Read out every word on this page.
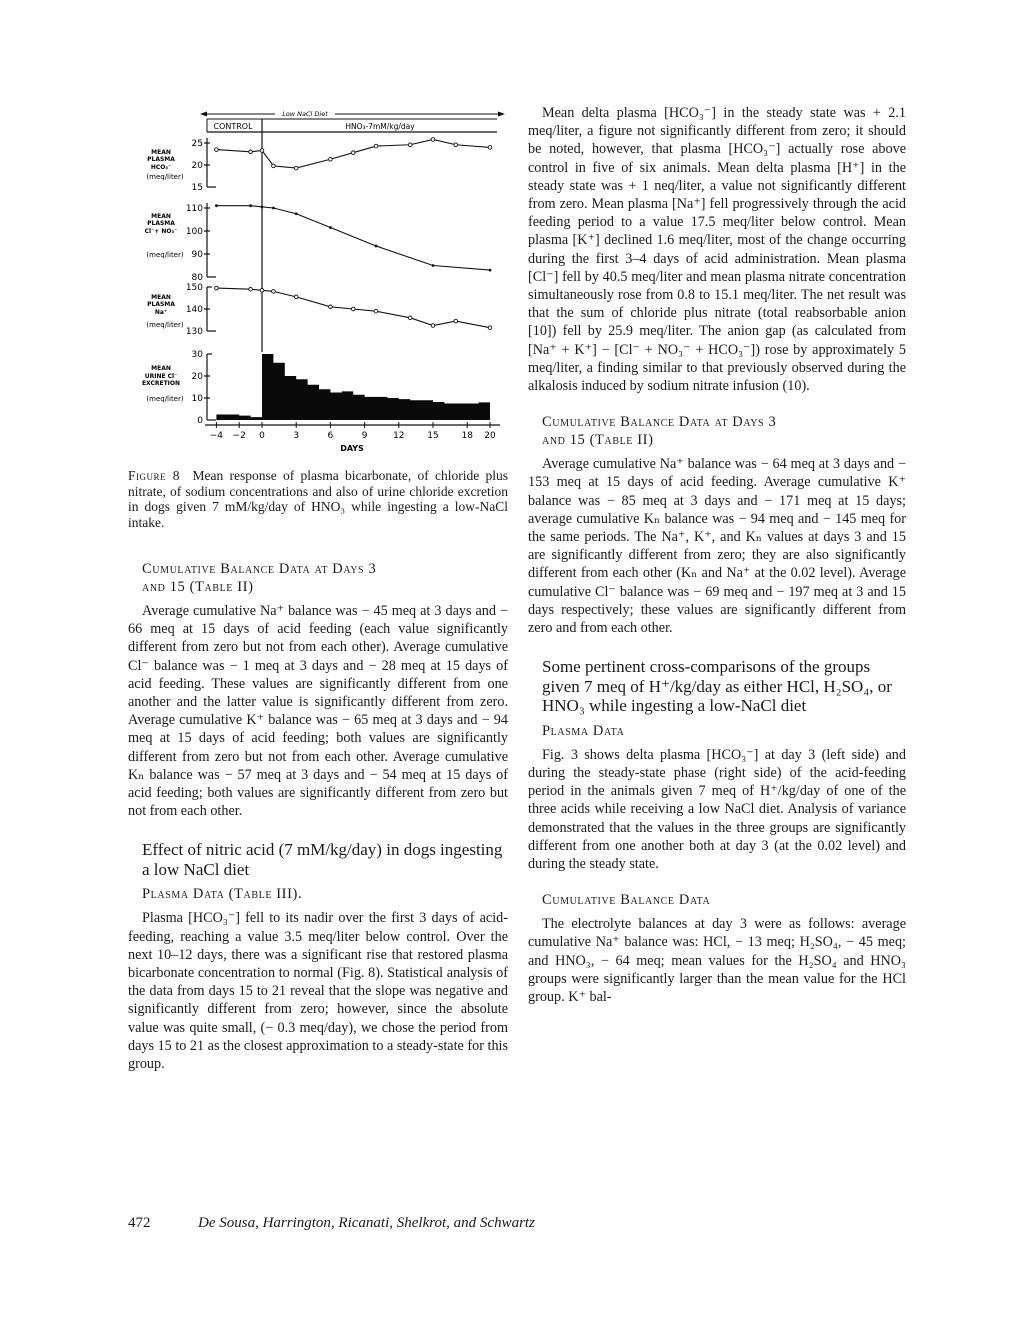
Low NaCl Diet
CONTROL	HNO₃-7mM/kg/day
25
20
15
110
100
90
80
150
140
130
30
20
10
0
MEAN
PLASMA
HCO₃⁻
(meq/liter)
MEAN
PLASMA
Cl⁻+ NO₃⁻
(meq/liter)
MEAN
PLASMA
Na⁺
(meq/liter)
MEAN
URINE Cl⁻
EXCRETION
(meq/liter)
−4 −2 0	3	6	9	12	15	18 20
DAYS

Figure 8 Mean response of plasma bicarbonate, of chloride plus nitrate, of sodium concentrations and also of urine chloride excretion in dogs given 7 mM/kg/day of HNO₃ while ingesting a low-NaCl intake.

Cumulative Balance Data at Days 3
and 15 (Table II)

Average cumulative Na⁺ balance was − 45 meq at 3 days and − 66 meq at 15 days of acid feeding (each value significantly different from zero but not from each other). Average cumulative Cl⁻ balance was − 1 meq at 3 days and − 28 meq at 15 days of acid feeding. These values are significantly different from one another and the latter value is significantly different from zero. Average cumulative K⁺ balance was − 65 meq at 3 days and − 94 meq at 15 days of acid feeding; both values are significantly different from zero but not from each other. Average cumulative Kₙ balance was − 57 meq at 3 days and − 54 meq at 15 days of acid feeding; both values are significantly different from zero but not from each other.

Effect of nitric acid (7 mM/kg/day) in dogs ingesting a low NaCl diet
Plasma Data (Table III).

Plasma [HCO₃⁻] fell to its nadir over the first 3 days of acid-feeding, reaching a value 3.5 meq/liter below control. Over the next 10–12 days, there was a significant rise that restored plasma bicarbonate concentration to normal (Fig. 8). Statistical analysis of the data from days 15 to 21 reveal that the slope was negative and significantly different from zero; however, since the absolute value was quite small, (− 0.3 meq/day), we chose the period from days 15 to 21 as the closest approximation to a steady-state for this group.

Mean delta plasma [HCO₃⁻] in the steady state was + 2.1 meq/liter, a figure not significantly different from zero; it should be noted, however, that plasma [HCO₃⁻] actually rose above control in five of six animals. Mean delta plasma [H⁺] in the steady state was + 1 neq/liter, a value not significantly different from zero. Mean plasma [Na⁺] fell progressively through the acid feeding period to a value 17.5 meq/liter below control. Mean plasma [K⁺] declined 1.6 meq/liter, most of the change occurring during the first 3–4 days of acid administration. Mean plasma [Cl⁻] fell by 40.5 meq/liter and mean plasma nitrate concentration simultaneously rose from 0.8 to 15.1 meq/liter. The net result was that the sum of chloride plus nitrate (total reabsorbable anion [10]) fell by 25.9 meq/liter. The anion gap (as calculated from [Na⁺ + K⁺] − [Cl⁻ + NO₃⁻ + HCO₃⁻]) rose by approximately 5 meq/liter, a finding similar to that previously observed during the alkalosis induced by sodium nitrate infusion (10).

Cumulative Balance Data at Days 3
and 15 (Table II)

Average cumulative Na⁺ balance was − 64 meq at 3 days and − 153 meq at 15 days of acid feeding. Average cumulative K⁺ balance was − 85 meq at 3 days and − 171 meq at 15 days; average cumulative Kₙ balance was − 94 meq and − 145 meq for the same periods. The Na⁺, K⁺, and Kₙ values at days 3 and 15 are significantly different from zero; they are also significantly different from each other (Kₙ and Na⁺ at the 0.02 level). Average cumulative Cl⁻ balance was − 69 meq and − 197 meq at 3 and 15 days respectively; these values are significantly different from zero and from each other.

Some pertinent cross-comparisons of the groups given 7 meq of H⁺/kg/day as either HCl, H₂SO₄, or HNO₃ while ingesting a low-NaCl diet
Plasma Data

Fig. 3 shows delta plasma [HCO₃⁻] at day 3 (left side) and during the steady-state phase (right side) of the acid-feeding period in the animals given 7 meq of H⁺/kg/day of one of the three acids while receiving a low NaCl diet. Analysis of variance demonstrated that the values in the three groups are significantly different from one another both at day 3 (at the 0.02 level) and during the steady state.

Cumulative Balance Data

The electrolyte balances at day 3 were as follows: average cumulative Na⁺ balance was: HCl, − 13 meq; H₂SO₄, − 45 meq; and HNO₃, − 64 meq; mean values for the H₂SO₄ and HNO₃ groups were significantly larger than the mean value for the HCl group. K⁺ bal-

472	De Sousa, Harrington, Ricanati, Shelkrot, and Schwartz
